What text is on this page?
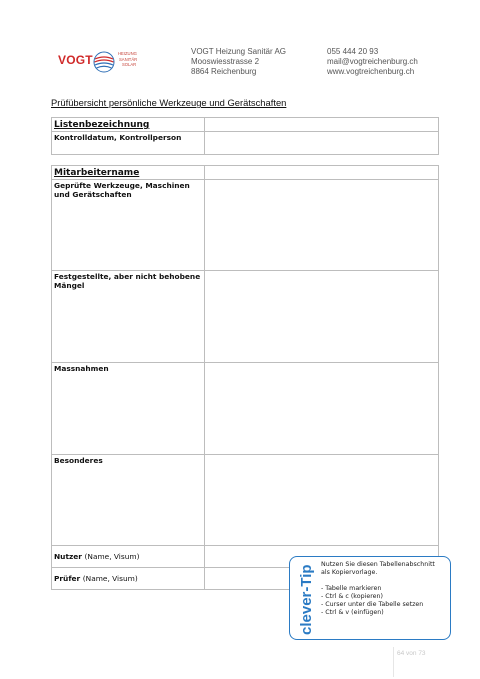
VOGT	HEIZUNG
SANITÄR
SOLAR
VOGT Heizung Sanitär AG
Mooswiesstrasse 2
8864 Reichenburg
055 444 20 93
mail@vogtreichenburg.ch
www.vogtreichenburg.ch
Prüfübersicht persönliche Werkzeuge und Gerätschaften
Listenbezeichnung	
Kontrolldatum, Kontrollperson	
Mitarbeitername	

Geprüfte Werkzeuge, Maschinen
und Gerätschaften	

Festgestellte, aber nicht behobene
Mängel	

Massnahmen	

Besonderes	

Nutzer (Name, Visum)	
Prüfer (Name, Visum)		clever-Tip Nutzen Sie diesen Tabellenabschnitt
als Kopiervorlage.
- Tabelle markieren
- Ctrl & c (kopieren)
- Curser unter die Tabelle setzen
- Ctrl & v (einfügen)
64 von 73
